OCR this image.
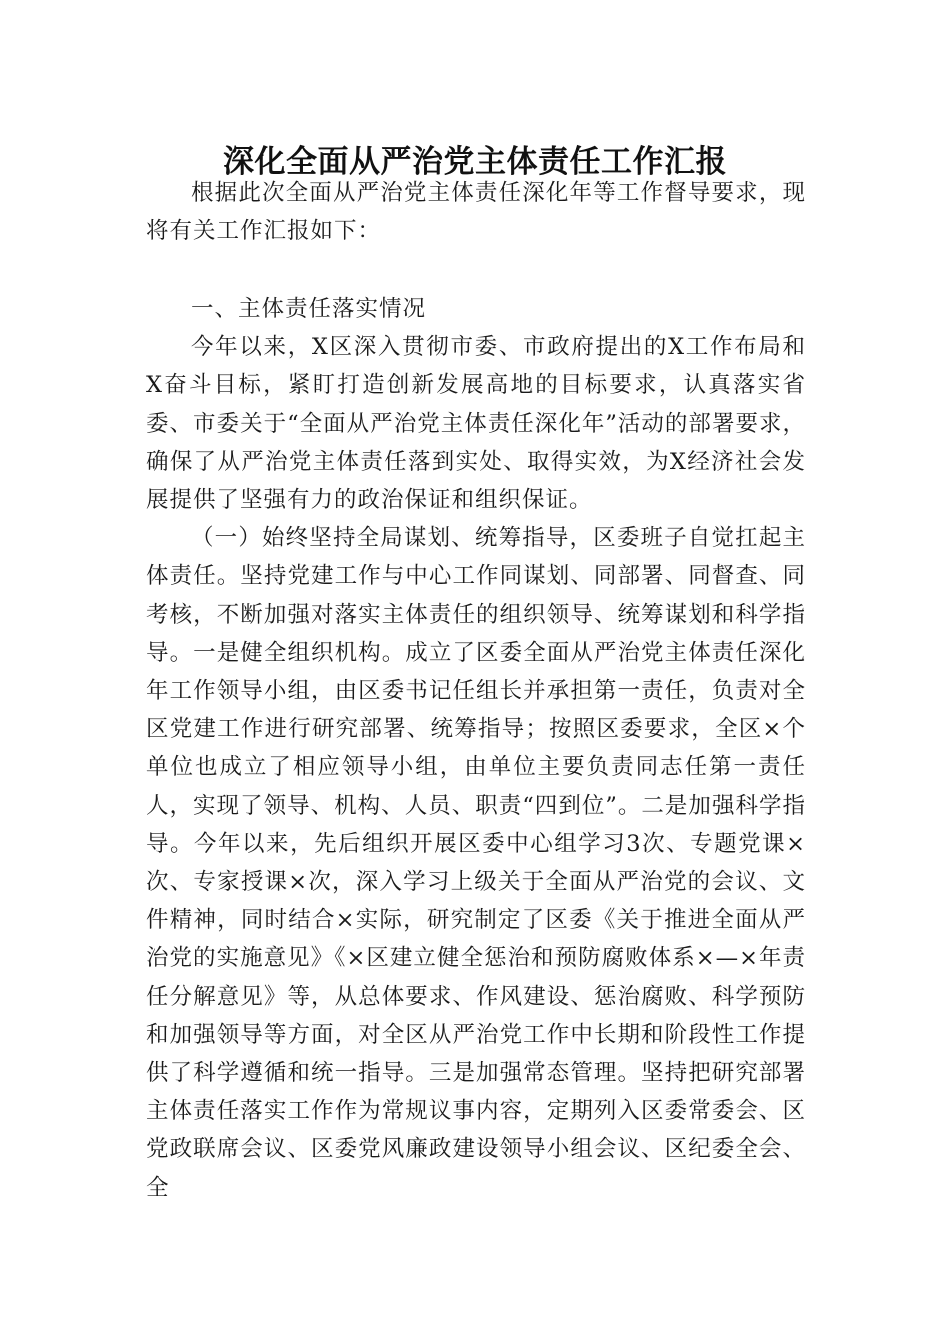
深化全面从严治党主体责任工作汇报

根据此次全面从严治党主体责任深化年等工作督导要求，现将有关工作汇报如下：

一、主体责任落实情况

今年以来，X区深入贯彻市委、市政府提出的X工作布局和X奋斗目标，紧盯打造创新发展高地的目标要求，认真落实省委、市委关于“全面从严治党主体责任深化年”活动的部署要求，确保了从严治党主体责任落到实处、取得实效，为X经济社会发展提供了坚强有力的政治保证和组织保证。

（一）始终坚持全局谋划、统筹指导，区委班子自觉扛起主体责任。坚持党建工作与中心工作同谋划、同部署、同督查、同考核，不断加强对落实主体责任的组织领导、统筹谋划和科学指导。一是健全组织机构。成立了区委全面从严治党主体责任深化年工作领导小组，由区委书记任组长并承担第一责任，负责对全区党建工作进行研究部署、统筹指导；按照区委要求，全区×个单位也成立了相应领导小组，由单位主要负责同志任第一责任人，实现了领导、机构、人员、职责“四到位”。二是加强科学指导。今年以来，先后组织开展区委中心组学习3次、专题党课×次、专家授课×次，深入学习上级关于全面从严治党的会议、文件精神，同时结合×实际，研究制定了区委《关于推进全面从严治党的实施意见》《×区建立健全惩治和预防腐败体系×—×年责任分解意见》等，从总体要求、作风建设、惩治腐败、科学预防和加强领导等方面，对全区从严治党工作中长期和阶段性工作提供了科学遵循和统一指导。三是加强常态管理。坚持把研究部署主体责任落实工作作为常规议事内容，定期列入区委常委会、区党政联席会议、区委党风廉政建设领导小组会议、区纪委全会、全
